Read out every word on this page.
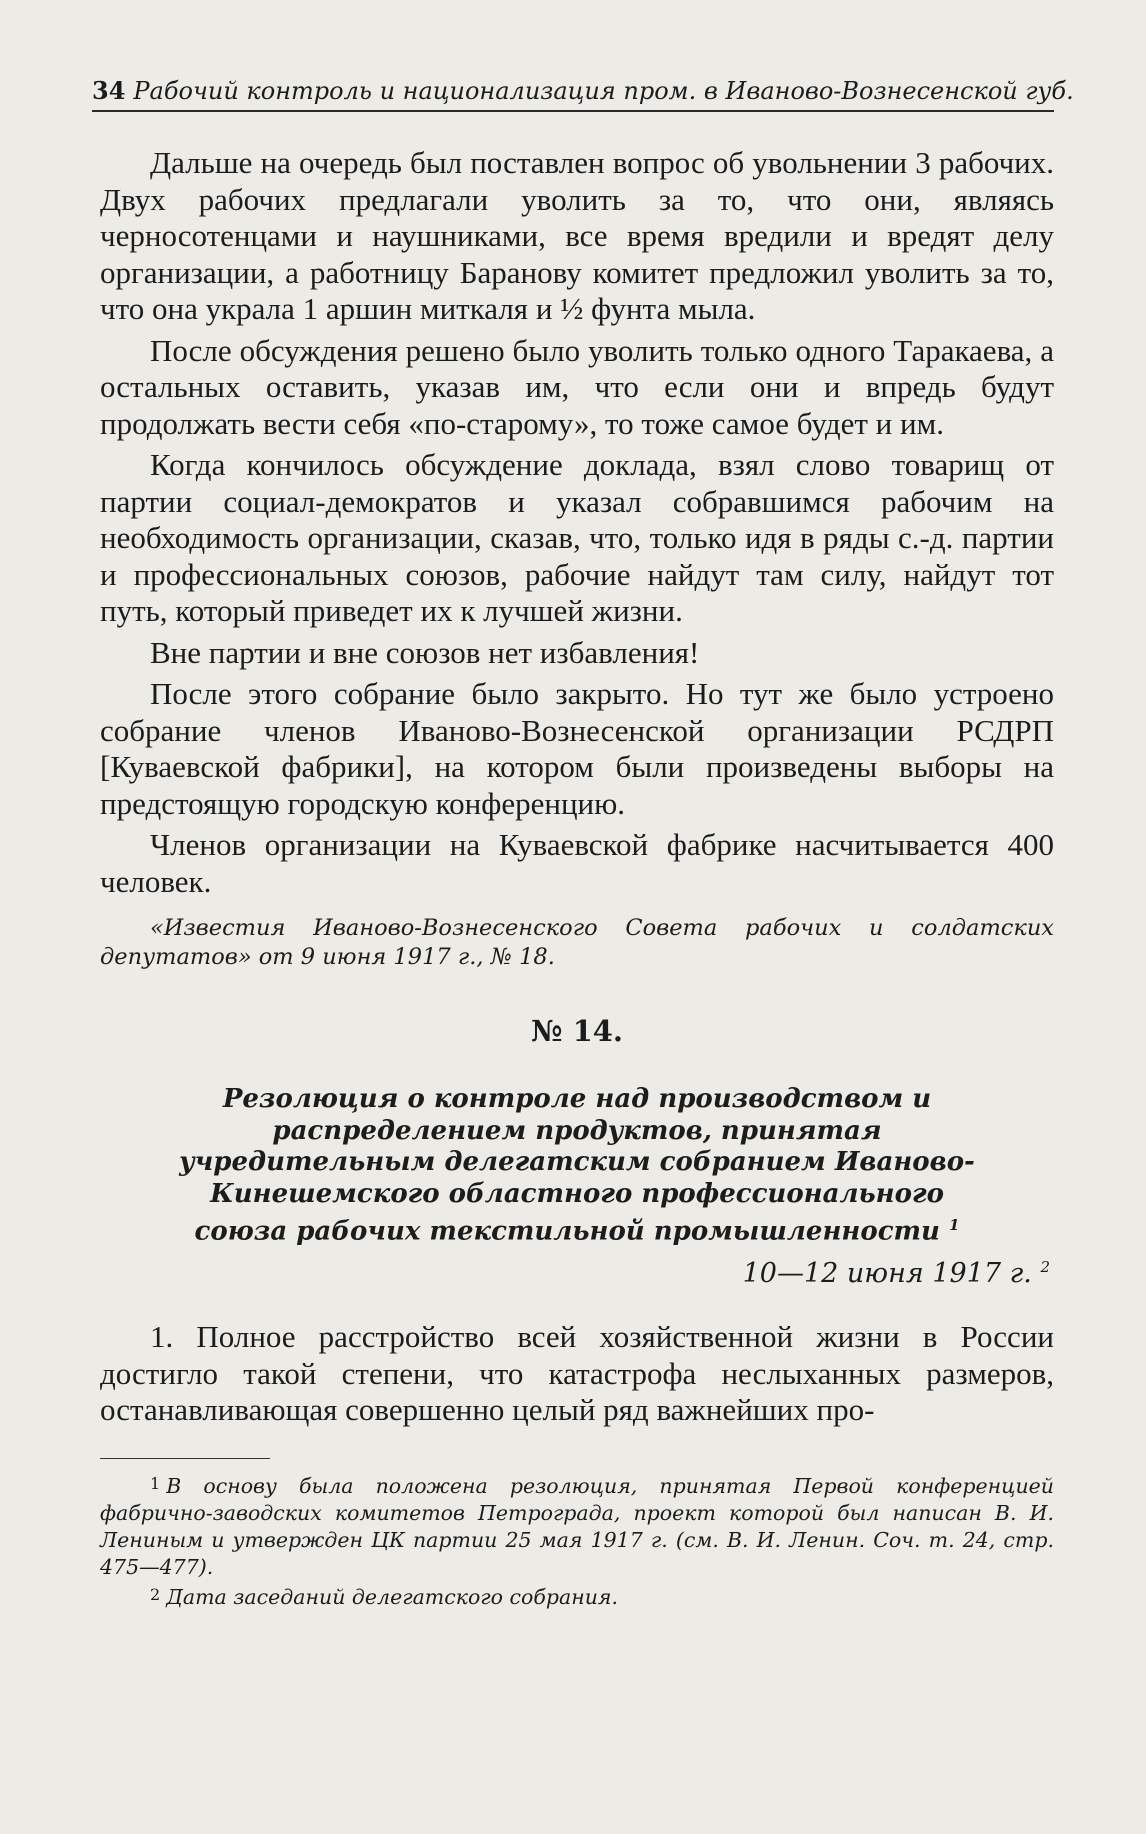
34 Рабочий контроль и национализация пром. в Иваново-Вознесенской губ.

Дальше на очередь был поставлен вопрос об увольнении 3 рабочих. Двух рабочих предлагали уволить за то, что они, являясь черносотенцами и наушниками, все время вредили и вредят делу организации, а работницу Баранову комитет предложил уволить за то, что она украла 1 аршин миткаля и ½ фунта мыла.

После обсуждения решено было уволить только одного Таракаева, а остальных оставить, указав им, что если они и впредь будут продолжать вести себя «по-старому», то тоже самое будет и им.

Когда кончилось обсуждение доклада, взял слово товарищ от партии социал-демократов и указал собравшимся рабочим на необходимость организации, сказав, что, только идя в ряды с.-д. партии и профессиональных союзов, рабочие найдут там силу, найдут тот путь, который приведет их к лучшей жизни.

Вне партии и вне союзов нет избавления!

После этого собрание было закрыто. Но тут же было устроено собрание членов Иваново-Вознесенской организации РСДРП [Куваевской фабрики], на котором были произведены выборы на предстоящую городскую конференцию.

Членов организации на Куваевской фабрике насчитывается 400 человек.

«Известия Иваново-Вознесенского Совета рабочих и солдатских депутатов» от 9 июня 1917 г., № 18.

№ 14.
Резолюция о контроле над производством и распределением продуктов, принятая учредительным делегатским собранием Иваново-Кинешемского областного профессионального союза рабочих текстильной промышленности $^1$
10—12 июня 1917 г. $^2$

1. Полное расстройство всей хозяйственной жизни в России достигло такой степени, что катастрофа неслыханных размеров, останавливающая совершенно целый ряд важнейших про-

1 В основу была положена резолюция, принятая Первой конференцией фабрично-заводских комитетов Петрограда, проект которой был написан В. И. Лениным и утвержден ЦК партии 25 мая 1917 г. (см. В. И. Ленин. Соч. т. 24, стр. 475—477).

2 Дата заседаний делегатского собрания.
